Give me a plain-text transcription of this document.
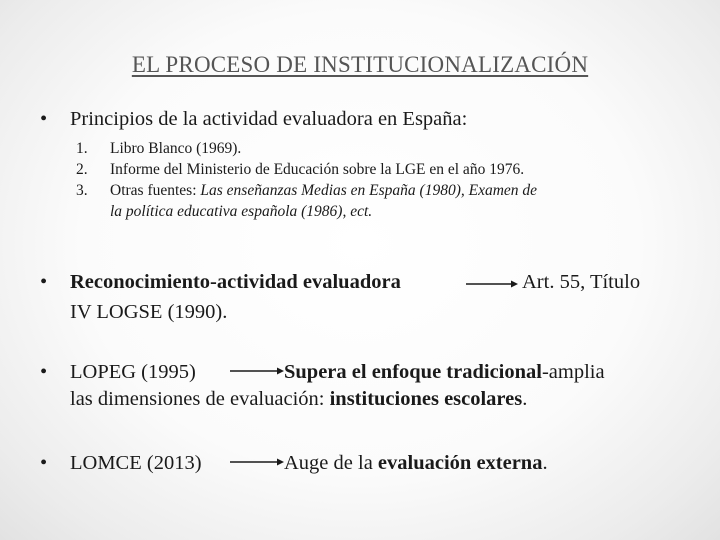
EL PROCESO DE INSTITUCIONALIZACIÓN
• Principios de la actividad evaluadora en España:
1. Libro Blanco (1969).
2. Informe del Ministerio de Educación sobre la LGE en el año 1976.
3. Otras fuentes: Las enseñanzas Medias en España (1980), Examen de
la política educativa española (1986), ect.
• Reconocimiento-actividad evaluadora	Art. 55, Título
IV LOGSE (1990).
• LOPEG (1995)	Supera el enfoque tradicional-amplia
las dimensiones de evaluación: instituciones escolares.
• LOMCE (2013)	Auge de la evaluación externa.
